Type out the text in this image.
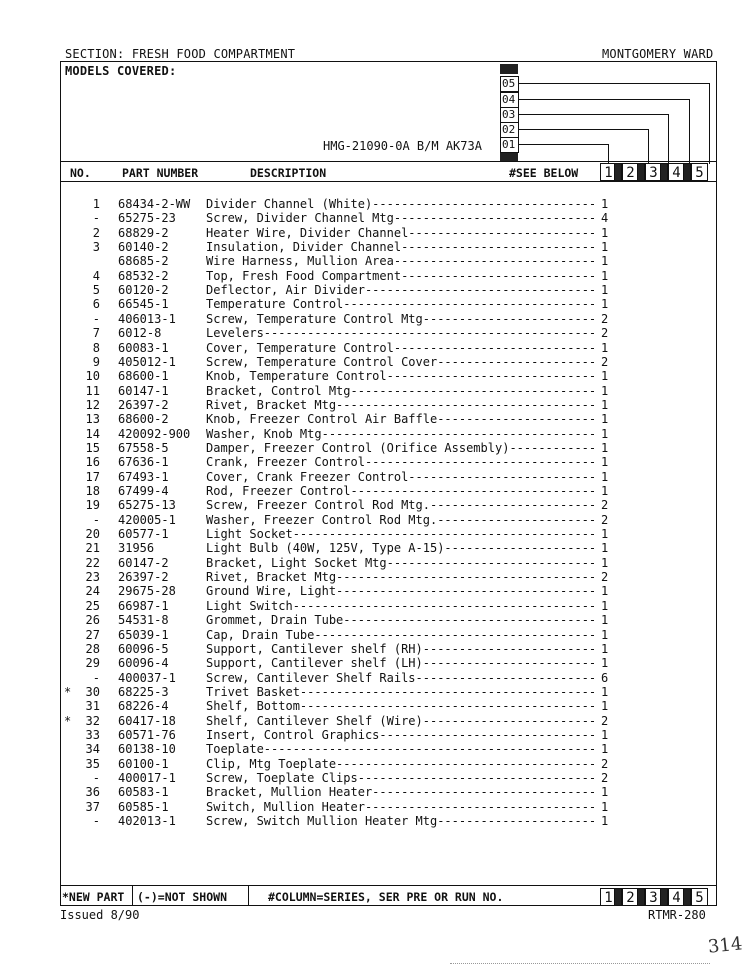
SECTION: FRESH FOOD COMPARTMENT	MONTGOMERY WARD
MODELS COVERED:
HMG-21090-0A B/M AK73A
05
04
03
02
01
NO.	PART NUMBER	DESCRIPTION	#SEE BELOW	1 2	3	4	5
1 68434-2-WW Divider Channel (White) -----	1
- 65275-23	Screw, Divider Channel Mtg -----	4
2 68829-2	Heater Wire, Divider Channel -----	1
3 60140-2	Insulation, Divider Channel -----	1
68685-2	Wire Harness, Mullion Area -----	1
4 68532-2	Top, Fresh Food Compartment -----	1
5 60120-2	Deflector, Air Divider -----	1
6 66545-1	Temperature Control -----	1
- 406013-1	Screw, Temperature Control Mtg -----	2
7 6012-8	Levelers -----	2
8 60083-1	Cover, Temperature Control -----	1
9 405012-1	Screw, Temperature Control Cover -----	2
10 68600-1	Knob, Temperature Control -----	1
11 60147-1	Bracket, Control Mtg -----	1
12 26397-2	Rivet, Bracket Mtg -----	1
13 68600-2	Knob, Freezer Control Air Baffle -----	1
14 420092-900 Washer, Knob Mtg -----	1
15 67558-5	Damper, Freezer Control (Orifice Assembly) -----	1
16 67636-1	Crank, Freezer Control -----	1
17 67493-1	Cover, Crank Freezer Control -----	1
18 67499-4	Rod, Freezer Control -----	1
19 65275-13	Screw, Freezer Control Rod Mtg. -----	2
- 420005-1	Washer, Freezer Control Rod Mtg. -----	2
20 60577-1	Light Socket -----	1
21 31956	Light Bulb (40W, 125V, Type A-15) -----	1
22 60147-2	Bracket, Light Socket Mtg -----	1
23 26397-2	Rivet, Bracket Mtg -----	2
24 29675-28	Ground Wire, Light -----	1
25 66987-1	Light Switch -----	1
26 54531-8	Grommet, Drain Tube -----	1
27 65039-1	Cap, Drain Tube -----	1
28 60096-5	Support, Cantilever shelf (RH) -----	1
29 60096-4	Support, Cantilever shelf (LH) -----	1
- 400037-1	Screw, Cantilever Shelf Rails -----	6
*	30 68225-3	Trivet Basket -----	1
31 68226-4	Shelf, Bottom -----	1
*	32 60417-18	Shelf, Cantilever Shelf (Wire) -----	2
33 60571-76	Insert, Control Graphics -----	1
34 60138-10	Toeplate -----	1
35 60100-1	Clip, Mtg Toeplate -----	2
- 400017-1	Screw, Toeplate Clips -----	2
36 60583-1	Bracket, Mullion Heater -----	1
37 60585-1	Switch, Mullion Heater -----	1
- 402013-1	Screw, Switch Mullion Heater Mtg -----	1
*NEW PART (-)=NOT SHOWN	#COLUMN=SERIES, SER PRE OR RUN NO.	1 2	3	4	5
Issued 8/90	RTMR-280
314
